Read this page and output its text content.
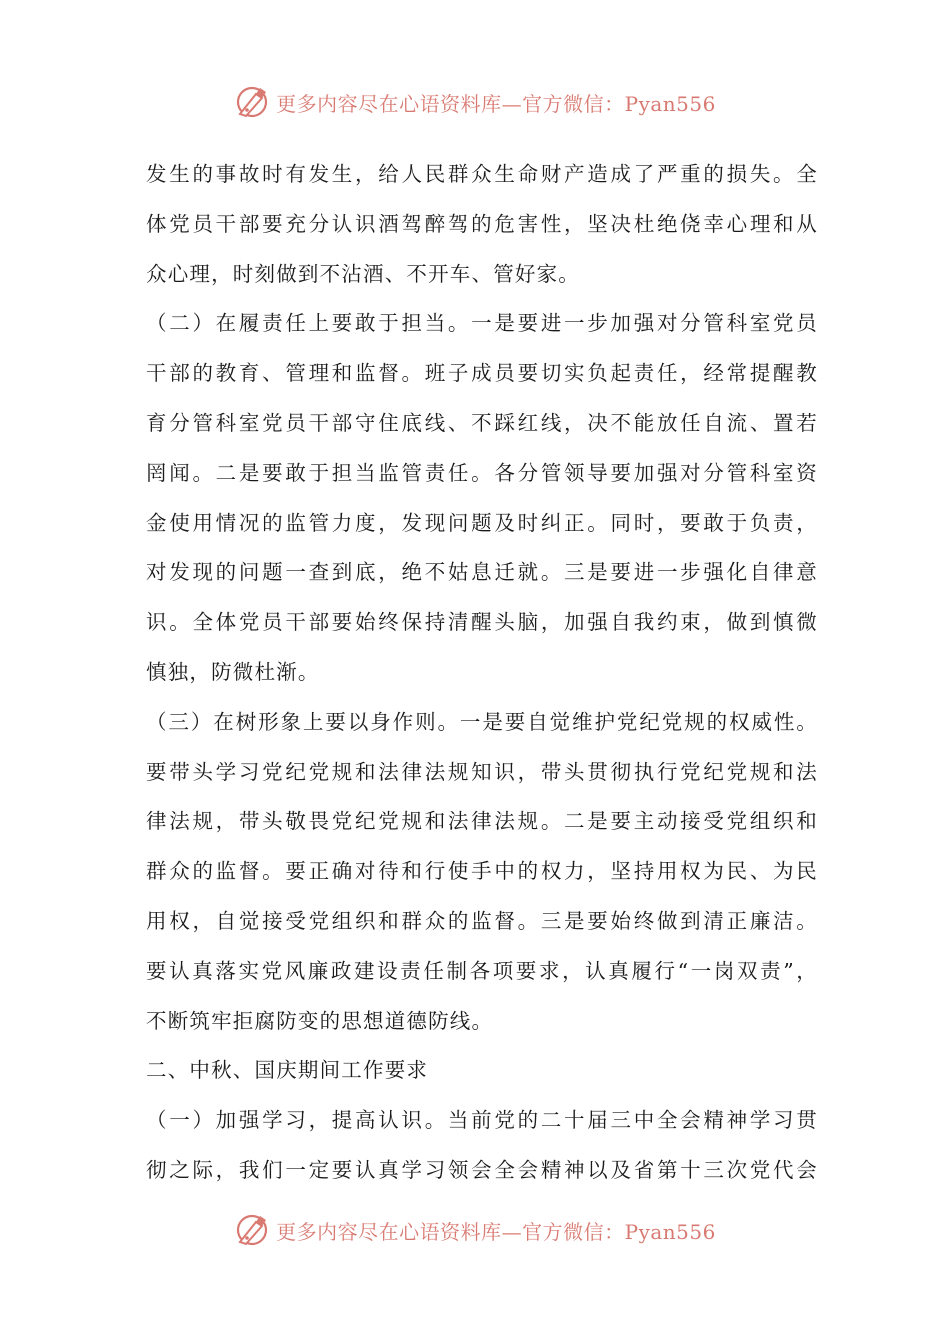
更多内容尽在心语资料库—官方微信：Pyan556
发生的事故时有发生，给人民群众生命财产造成了严重的损失。全
体党员干部要充分认识酒驾醉驾的危害性，坚决杜绝侥幸心理和从
众心理，时刻做到不沾酒、不开车、管好家。
（二）在履责任上要敢于担当。一是要进一步加强对分管科室党员
干部的教育、管理和监督。班子成员要切实负起责任，经常提醒教
育分管科室党员干部守住底线、不踩红线，决不能放任自流、置若
罔闻。二是要敢于担当监管责任。各分管领导要加强对分管科室资
金使用情况的监管力度，发现问题及时纠正。同时，要敢于负责，
对发现的问题一查到底，绝不姑息迁就。三是要进一步强化自律意
识。全体党员干部要始终保持清醒头脑，加强自我约束，做到慎微
慎独，防微杜渐。
（三）在树形象上要以身作则。一是要自觉维护党纪党规的权威性。
要带头学习党纪党规和法律法规知识，带头贯彻执行党纪党规和法
律法规，带头敬畏党纪党规和法律法规。二是要主动接受党组织和
群众的监督。要正确对待和行使手中的权力，坚持用权为民、为民
用权，自觉接受党组织和群众的监督。三是要始终做到清正廉洁。
要认真落实党风廉政建设责任制各项要求，认真履行“一岗双责”，
不断筑牢拒腐防变的思想道德防线。
二、中秋、国庆期间工作要求
（一）加强学习，提高认识。当前党的二十届三中全会精神学习贯
彻之际，我们一定要认真学习领会全会精神以及省第十三次党代会
更多内容尽在心语资料库—官方微信：Pyan556
